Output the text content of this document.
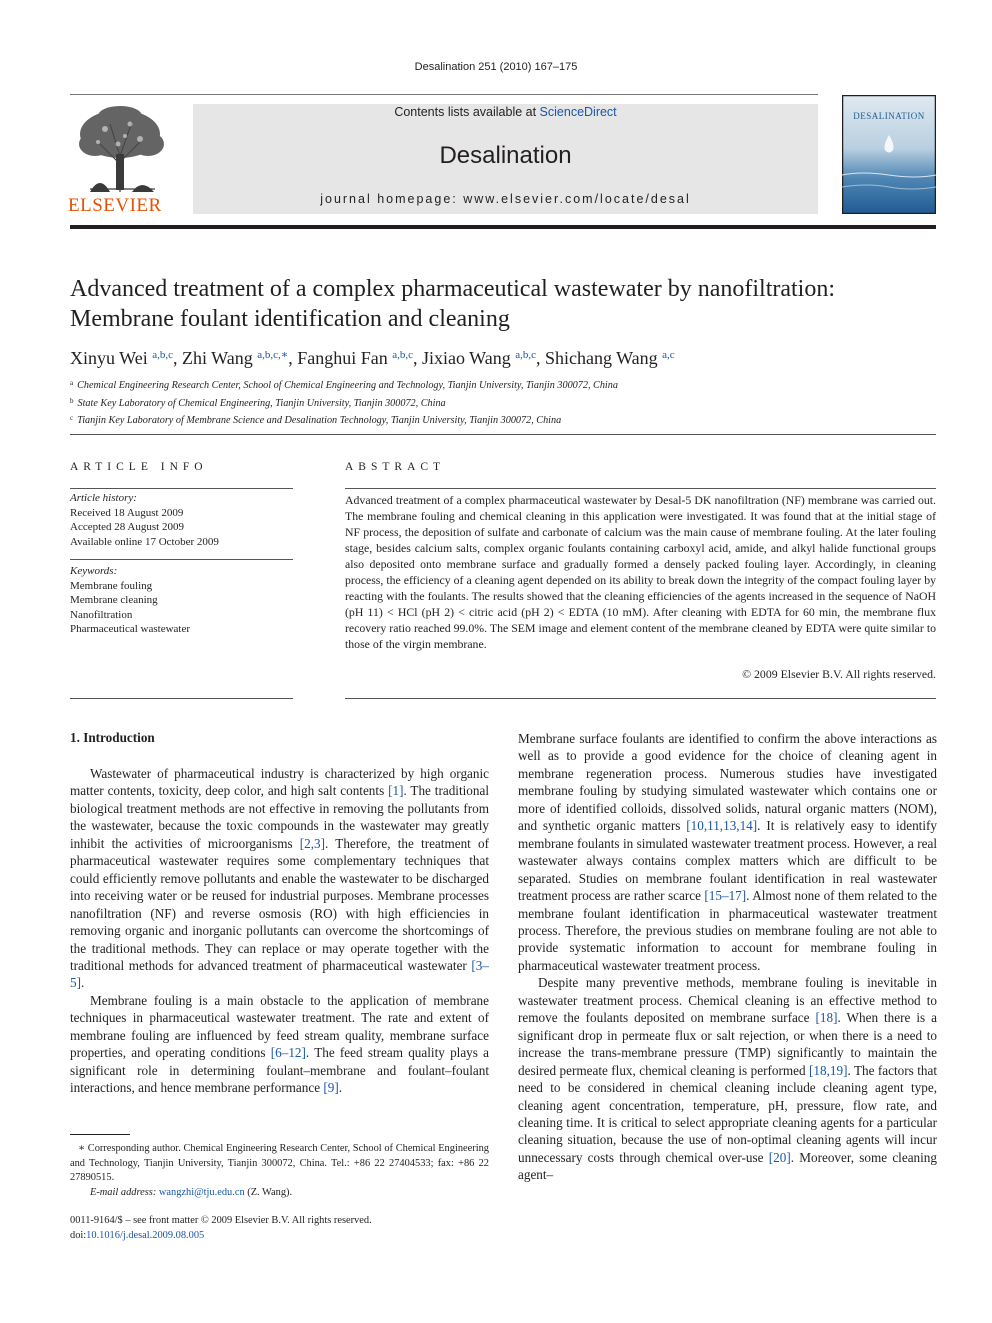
Desalination 251 (2010) 167–175
ELSEVIER
Contents lists available at ScienceDirect
Desalination
journal homepage: www.elsevier.com/locate/desal
DESALINATION
Advanced treatment of a complex pharmaceutical wastewater by nanofiltration:
Membrane foulant identification and cleaning
Xinyu Wei $^{a,b,c}$, Zhi Wang $^{a,b,c,∗}$, Fanghui Fan $^{a,b,c}$, Jixiao Wang $^{a,b,c}$, Shichang Wang $^{a,c}$
$^a$ Chemical Engineering Research Center, School of Chemical Engineering and Technology, Tianjin University, Tianjin 300072, China
$^b$ State Key Laboratory of Chemical Engineering, Tianjin University, Tianjin 300072, China
$^c$ Tianjin Key Laboratory of Membrane Science and Desalination Technology, Tianjin University, Tianjin 300072, China
ARTICLE INFO
Article history:
Received 18 August 2009
Accepted 28 August 2009
Available online 17 October 2009
Keywords:
Membrane fouling
Membrane cleaning
Nanofiltration
Pharmaceutical wastewater
ABSTRACT
Advanced treatment of a complex pharmaceutical wastewater by Desal-5 DK nanofiltration (NF) membrane was carried out. The membrane fouling and chemical cleaning in this application were investigated. It was found that at the initial stage of NF process, the deposition of sulfate and carbonate of calcium was the main cause of membrane fouling. At the later fouling stage, besides calcium salts, complex organic foulants containing carboxyl acid, amide, and alkyl halide functional groups also deposited onto membrane surface and gradually formed a densely packed fouling layer. Accordingly, in cleaning process, the efficiency of a cleaning agent depended on its ability to break down the integrity of the compact fouling layer by reacting with the foulants. The results showed that the cleaning efficiencies of the agents increased in the sequence of NaOH (pH 11) < HCl (pH 2) < citric acid (pH 2) < EDTA (10 mM). After cleaning with EDTA for 60 min, the membrane flux recovery ratio reached 99.0%. The SEM image and element content of the membrane cleaned by EDTA were quite similar to those of the virgin membrane.
© 2009 Elsevier B.V. All rights reserved.
1. Introduction

Wastewater of pharmaceutical industry is characterized by high organic matter contents, toxicity, deep color, and high salt contents [1]. The traditional biological treatment methods are not effective in removing the pollutants from the wastewater, because the toxic compounds in the wastewater may greatly inhibit the activities of microorganisms [2,3]. Therefore, the treatment of pharmaceutical wastewater requires some complementary techniques that could efficiently remove pollutants and enable the wastewater to be discharged into receiving water or be reused for industrial purposes. Membrane processes nanofiltration (NF) and reverse osmosis (RO) with high efficiencies in removing organic and inorganic pollutants can overcome the shortcomings of the traditional methods. They can replace or may operate together with the traditional methods for advanced treatment of pharmaceutical wastewater [3–5].

Membrane fouling is a main obstacle to the application of membrane techniques in pharmaceutical wastewater treatment. The rate and extent of membrane fouling are influenced by feed stream quality, membrane surface properties, and operating conditions [6–12]. The feed stream quality plays a significant role in determining foulant–membrane and foulant–foulant interactions, and hence membrane performance [9].

∗ Corresponding author. Chemical Engineering Research Center, School of Chemical Engineering and Technology, Tianjin University, Tianjin 300072, China. Tel.: +86 22 27404533; fax: +86 22 27890515.
E-mail address: wangzhi@tju.edu.cn (Z. Wang).
0011-9164/$ – see front matter © 2009 Elsevier B.V. All rights reserved.
doi:10.1016/j.desal.2009.08.005

Membrane surface foulants are identified to confirm the above interactions as well as to provide a good evidence for the choice of cleaning agent in membrane regeneration process. Numerous studies have investigated membrane fouling by studying simulated wastewater which contains one or more of identified colloids, dissolved solids, natural organic matters (NOM), and synthetic organic matters [10,11,13,14]. It is relatively easy to identify membrane foulants in simulated wastewater treatment process. However, a real wastewater always contains complex matters which are difficult to be separated. Studies on membrane foulant identification in real wastewater treatment process are rather scarce [15–17]. Almost none of them related to the membrane foulant identification in pharmaceutical wastewater treatment process. Therefore, the previous studies on membrane fouling are not able to provide systematic information to account for membrane fouling in pharmaceutical wastewater treatment process.

Despite many preventive methods, membrane fouling is inevitable in wastewater treatment process. Chemical cleaning is an effective method to remove the foulants deposited on membrane surface [18]. When there is a significant drop in permeate flux or salt rejection, or when there is a need to increase the trans-membrane pressure (TMP) significantly to maintain the desired permeate flux, chemical cleaning is performed [18,19]. The factors that need to be considered in chemical cleaning include cleaning agent type, cleaning agent concentration, temperature, pH, pressure, flow rate, and cleaning time. It is critical to select appropriate cleaning agents for a particular cleaning situation, because the use of non-optimal cleaning agents will incur unnecessary costs through chemical over-use [20]. Moreover, some cleaning agent–
